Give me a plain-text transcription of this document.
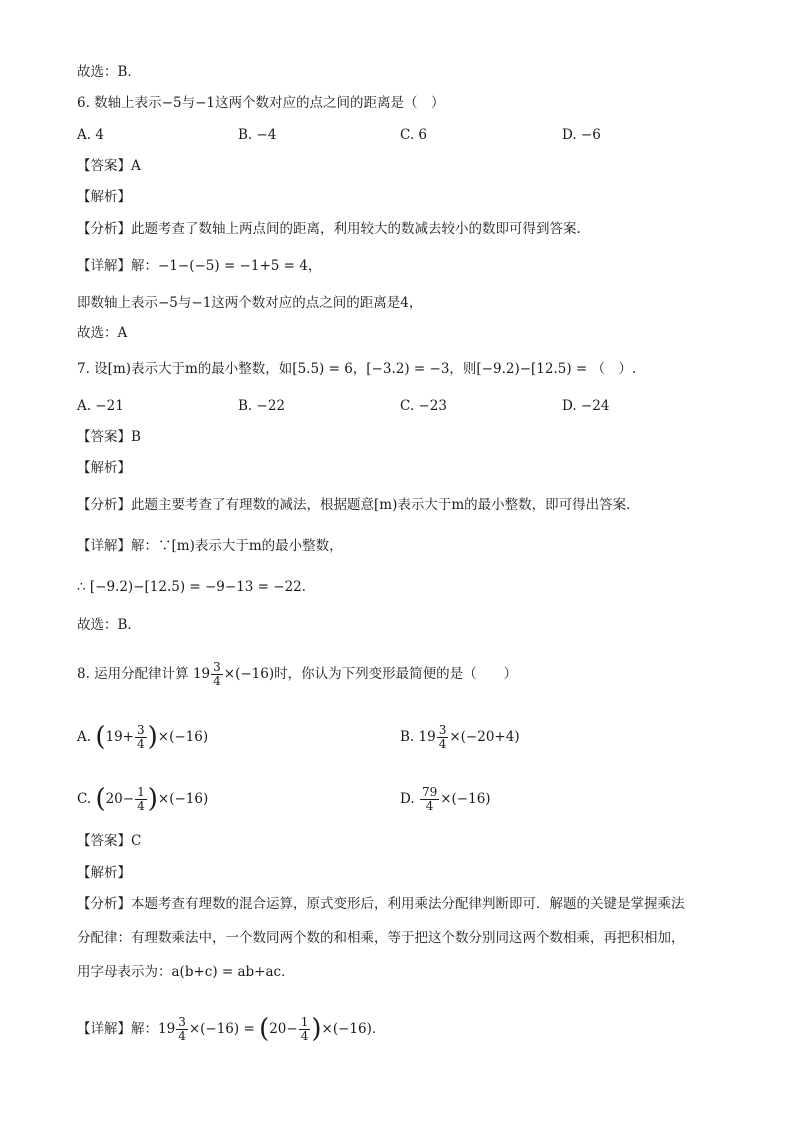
故选：B．
6. 数轴上表示−5与−1这两个数对应的点之间的距离是（　）
A. 4	B. −4	C. 6	D. −6
【答案】A
【解析】
【分析】此题考查了数轴上两点间的距离，利用较大的数减去较小的数即可得到答案.
【详解】解：−1−(−5) = −1+5 = 4，
即数轴上表示−5与−1这两个数对应的点之间的距离是4，
故选：A
7. 设[m)表示大于m的最小整数，如[5.5) = 6，[−3.2) = −3，则[−9.2)−[12.5) = （　）.
A. −21	B. −22	C. −23	D. −24
【答案】B
【解析】
【分析】此题主要考查了有理数的减法，根据题意[m)表示大于m的最小整数，即可得出答案．
【详解】解：∵[m)表示大于m的最小整数，
∴ [−9.2)−[12.5) = −9−13 = −22．
故选：B．
8. 运用分配律计算 $19 \frac{3}{4} \times(-16)$时，你认为下列变形最简便的是（　　）
A. $(19+ \frac{3}{4} )\times(-16)$	B. $19 \frac{3}{4} \times(-20+4)$
C. $(20- \frac{1}{4} )\times(-16)$	D. $\frac{79}{4} \times(-16)$
【答案】C
【解析】
【分析】本题考查有理数的混合运算，原式变形后，利用乘法分配律判断即可．解题的关键是掌握乘法
分配律：有理数乘法中，一个数同两个数的和相乘，等于把这个数分别同这两个数相乘，再把积相加，
用字母表示为：a(b+c) = ab+ac．
【详解】解：$19 \frac{3}{4} \times(-16) = (20- \frac{1}{4} )\times(-16)$．
